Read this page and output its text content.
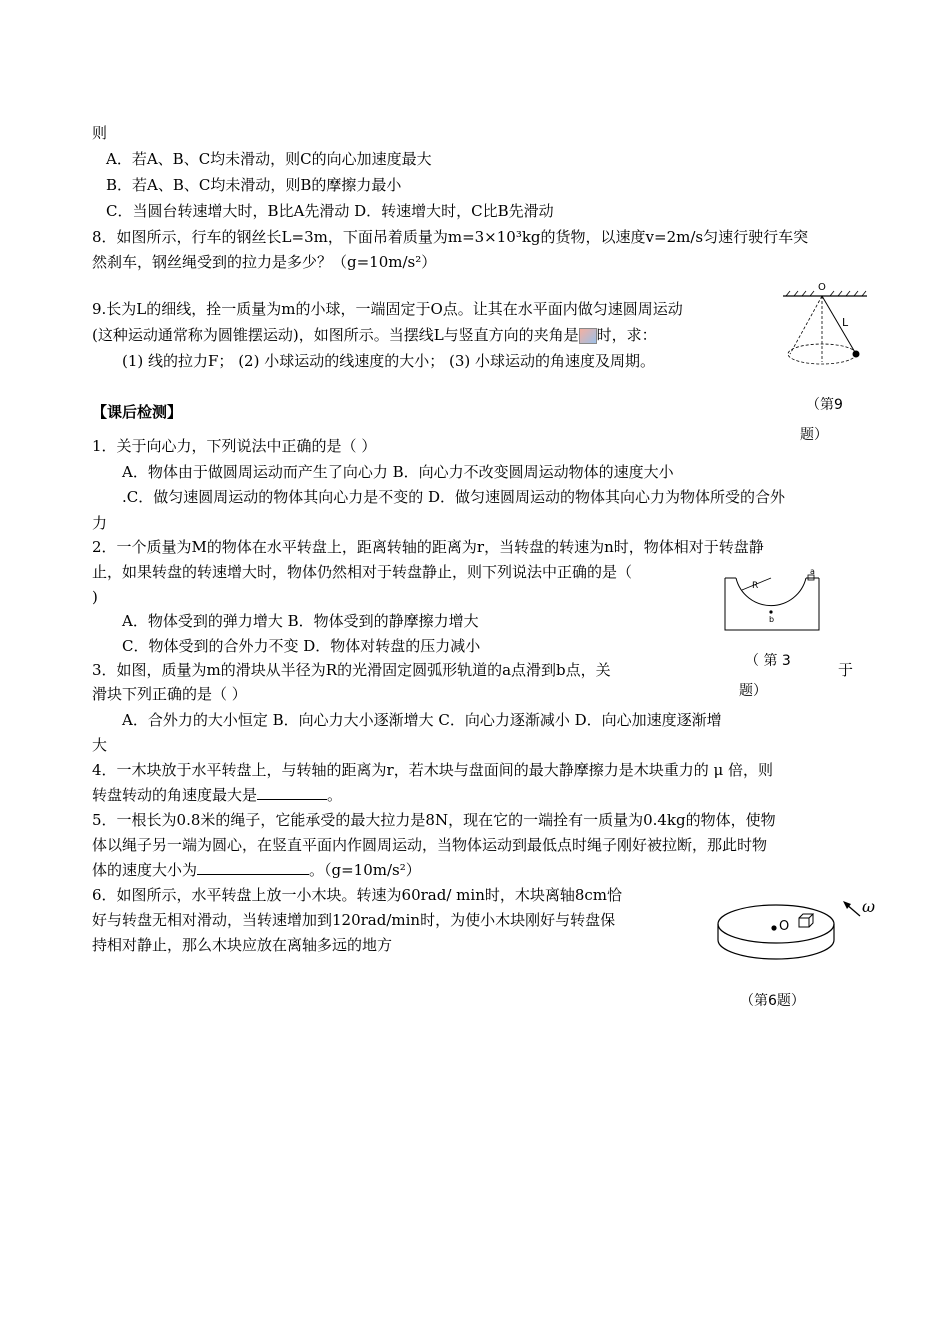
则
A．若A、B、C均未滑动，则C的向心加速度最大
B．若A、B、C均未滑动，则B的摩擦力最小
C．当圆台转速增大时，B比A先滑动 D．转速增大时，C比B先滑动
8．如图所示，行车的钢丝长L=3m，下面吊着质量为m=3×10³kg的货物，以速度v=2m/s匀速行驶行车突
然刹车，钢丝绳受到的拉力是多少？（g=10m/s²）
9.长为L的细线，拴一质量为m的小球，一端固定于O点。让其在水平面内做匀速圆周运动
(这种运动通常称为圆锥摆运动)，如图所示。当摆线L与竖直方向的夹角是 时，求：
(1) 线的拉力F； (2) 小球运动的线速度的大小； (3) 小球运动的角速度及周期。
O
L
（第9
题）
【课后检测】
1．关于向心力，下列说法中正确的是（ ）
A．物体由于做圆周运动而产生了向心力 B．向心力不改变圆周运动物体的速度大小
.C．做匀速圆周运动的物体其向心力是不变的 D．做匀速圆周运动的物体其向心力为物体所受的合外
力
2．一个质量为M的物体在水平转盘上，距离转轴的距离为r，当转盘的转速为n时，物体相对于转盘静
止，如果转盘的转速增大时，物体仍然相对于转盘静止，则下列说法中正确的是（
)
A．物体受到的弹力增大 B．物体受到的静摩擦力增大
C．物体受到的合外力不变 D．物体对转盘的压力减小
R
a
b
（ 第 3
题）
3．如图，质量为m的滑块从半径为R的光滑固定圆弧形轨道的a点滑到b点，关	于
滑块下列正确的是（ ）
A．合外力的大小恒定 B．向心力大小逐渐增大 C．向心力逐渐减小 D．向心加速度逐渐增
大
4．一木块放于水平转盘上，与转轴的距离为r，若木块与盘面间的最大静摩擦力是木块重力的 μ 倍，则
转盘转动的角速度最大是	。
5．一根长为0.8米的绳子，它能承受的最大拉力是8N，现在它的一端拴有一质量为0.4kg的物体，使物
体以绳子另一端为圆心，在竖直平面内作圆周运动，当物体运动到最低点时绳子刚好被拉断，那此时物
体的速度大小为	。（g=10m/s²）
6．如图所示，水平转盘上放一小木块。转速为60rad/ min时，木块离轴8cm恰
好与转盘无相对滑动，当转速增加到120rad/min时，为使小木块刚好与转盘保
持相对静止，那么木块应放在离轴多远的地方
O
ω
（第6题）
